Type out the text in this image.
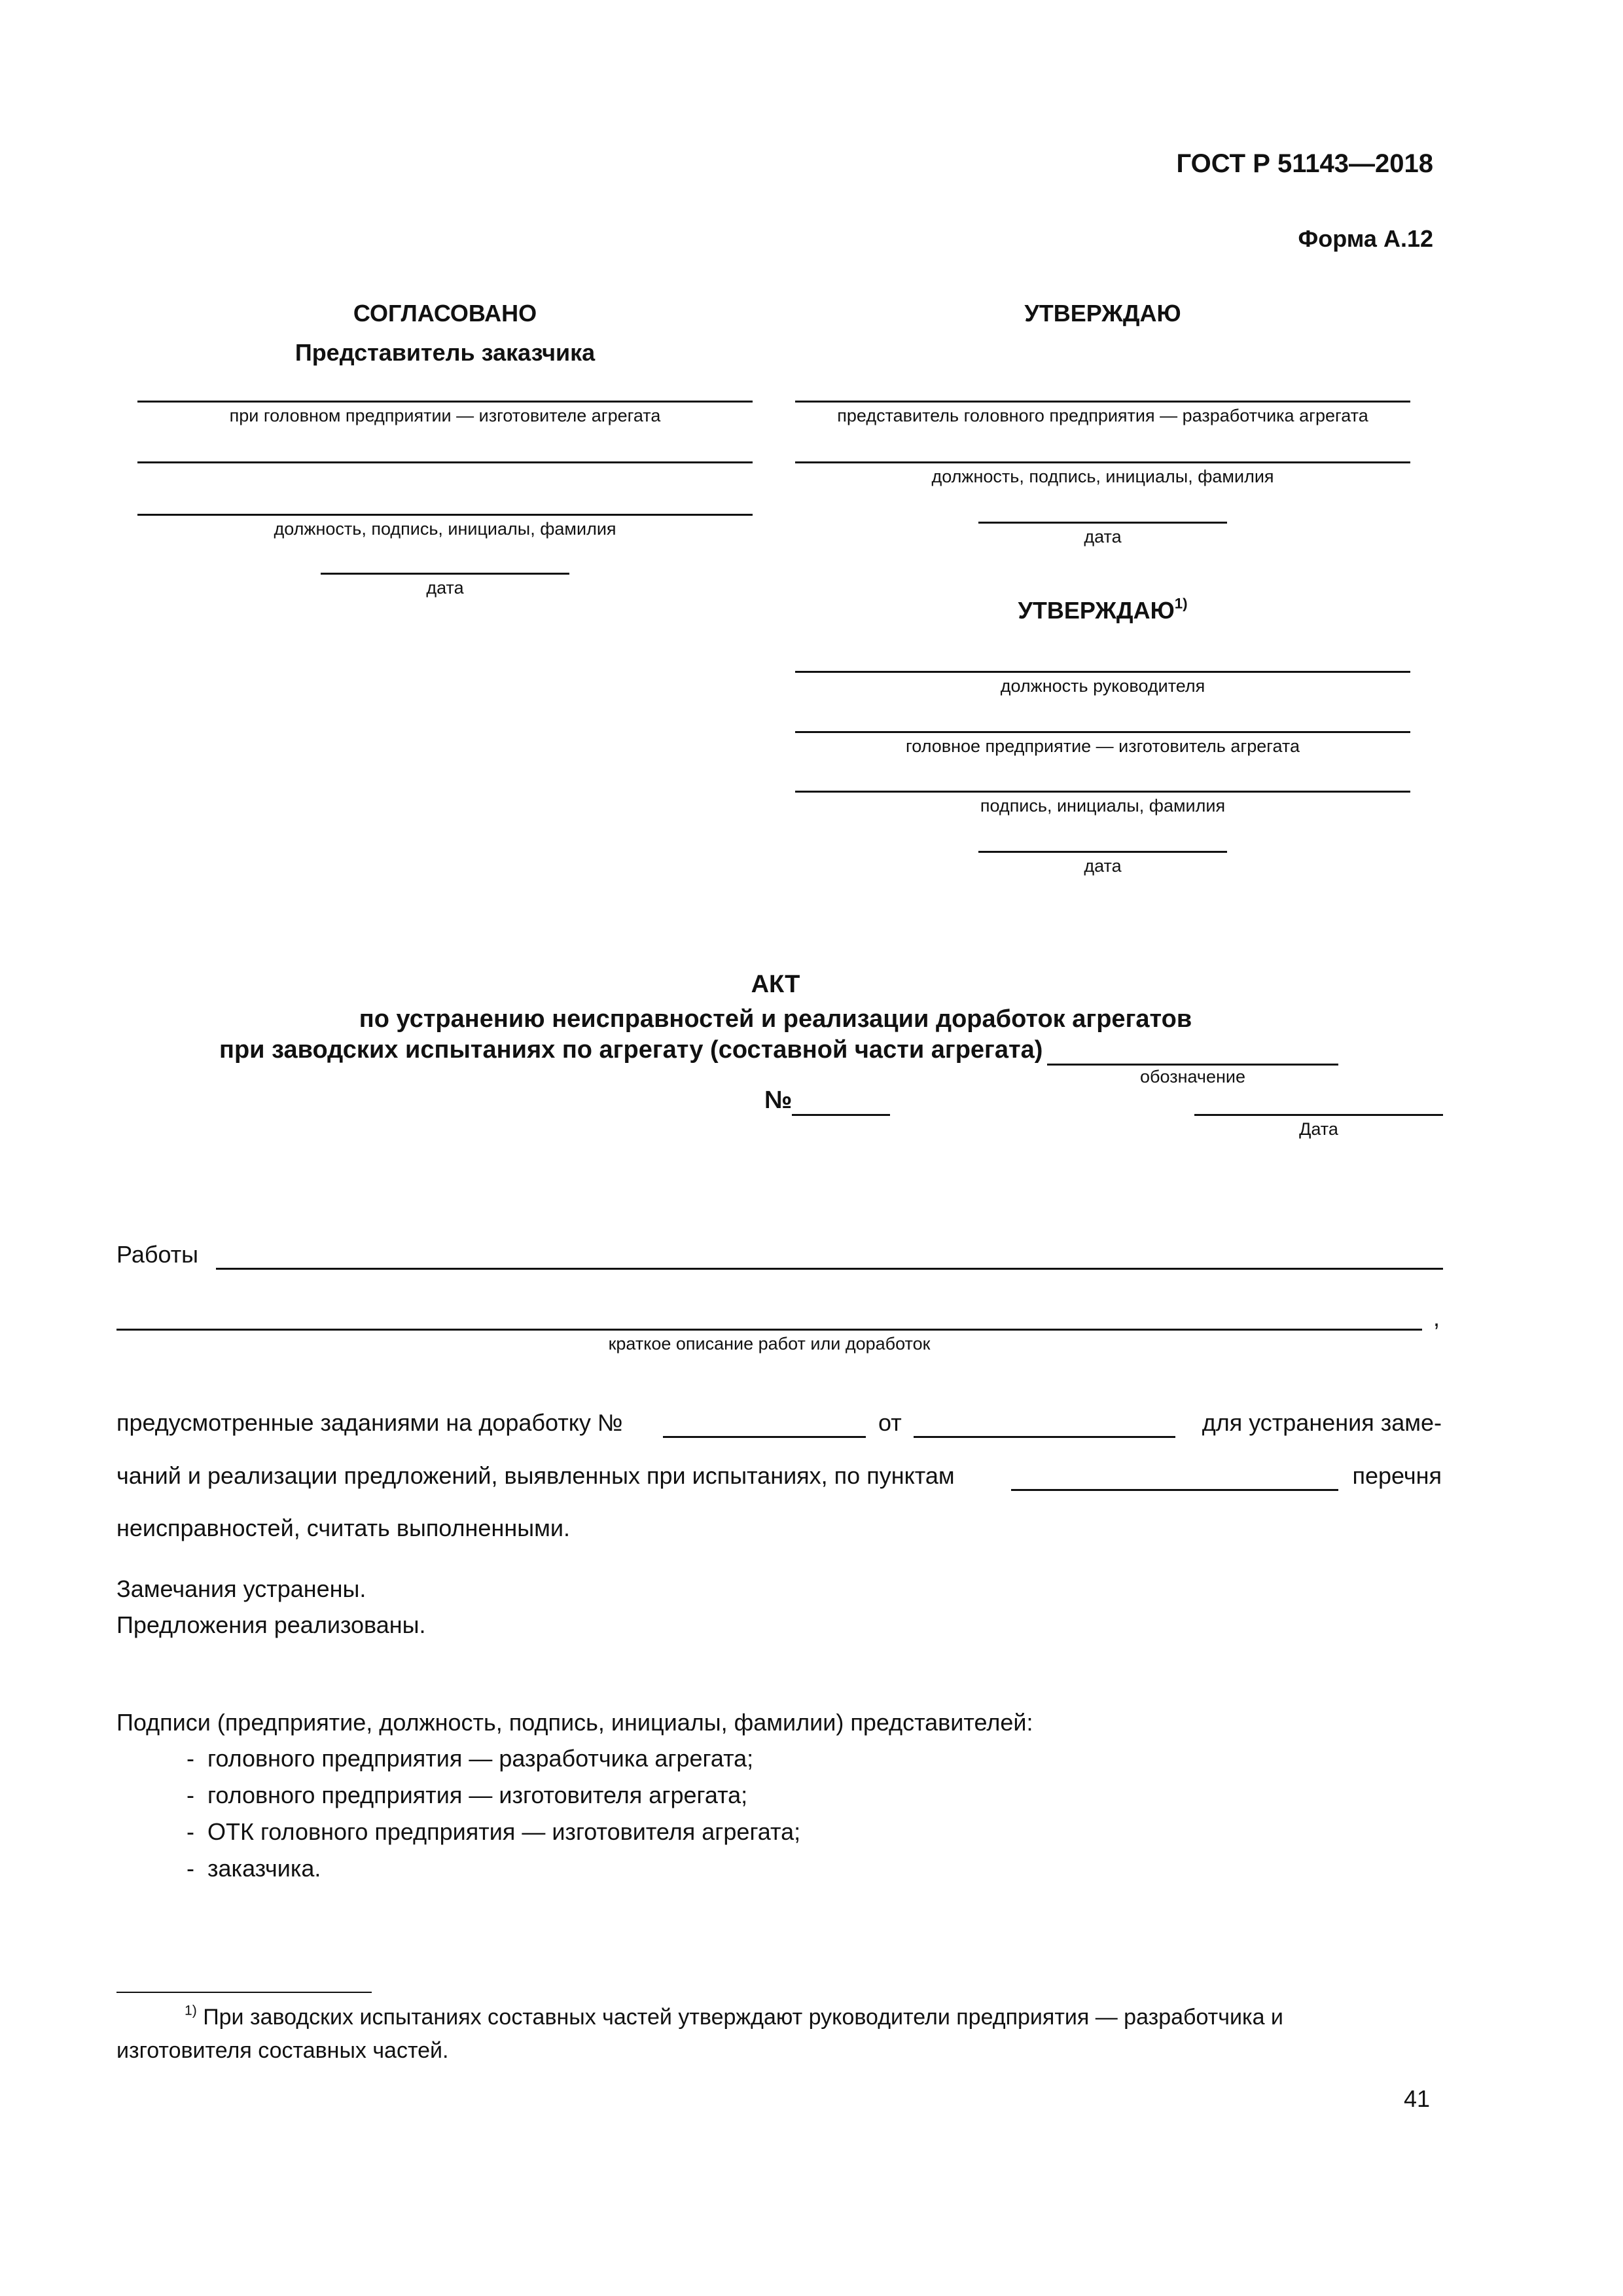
ГОСТ Р 51143—2018
Форма А.12
СОГЛАСОВАНО
Представитель заказчика
при головном предприятии — изготовителе агрегата
должность, подпись, инициалы, фамилия
дата
УТВЕРЖДАЮ
представитель головного предприятия — разработчика агрегата
должность, подпись, инициалы, фамилия
дата
УТВЕРЖДАЮ$^{1)}$
должность руководителя
головное предприятие — изготовитель агрегата
подпись, инициалы, фамилия
дата
АКТ
по устранению неисправностей и реализации доработок агрегатов
при заводских испытаниях по агрегату (составной части агрегата)
обозначение
№
Дата
Работы
,
краткое описание работ или доработок
предусмотренные заданиями на доработку №	от	для устранения заме-
чаний и реализации предложений, выявленных при испытаниях, по пунктам	перечня
неисправностей, считать выполненными.
Замечания устранены.
Предложения реализованы.
Подписи (предприятие, должность, подпись, инициалы, фамилии) представителей:
-  головного предприятия — разработчика агрегата;
-  головного предприятия — изготовителя агрегата;
-  ОТК головного предприятия — изготовителя агрегата;
-  заказчика.
$^{1)}$ При заводских испытаниях составных частей утверждают руководители предприятия — разработчика и
изготовителя составных частей.
41
